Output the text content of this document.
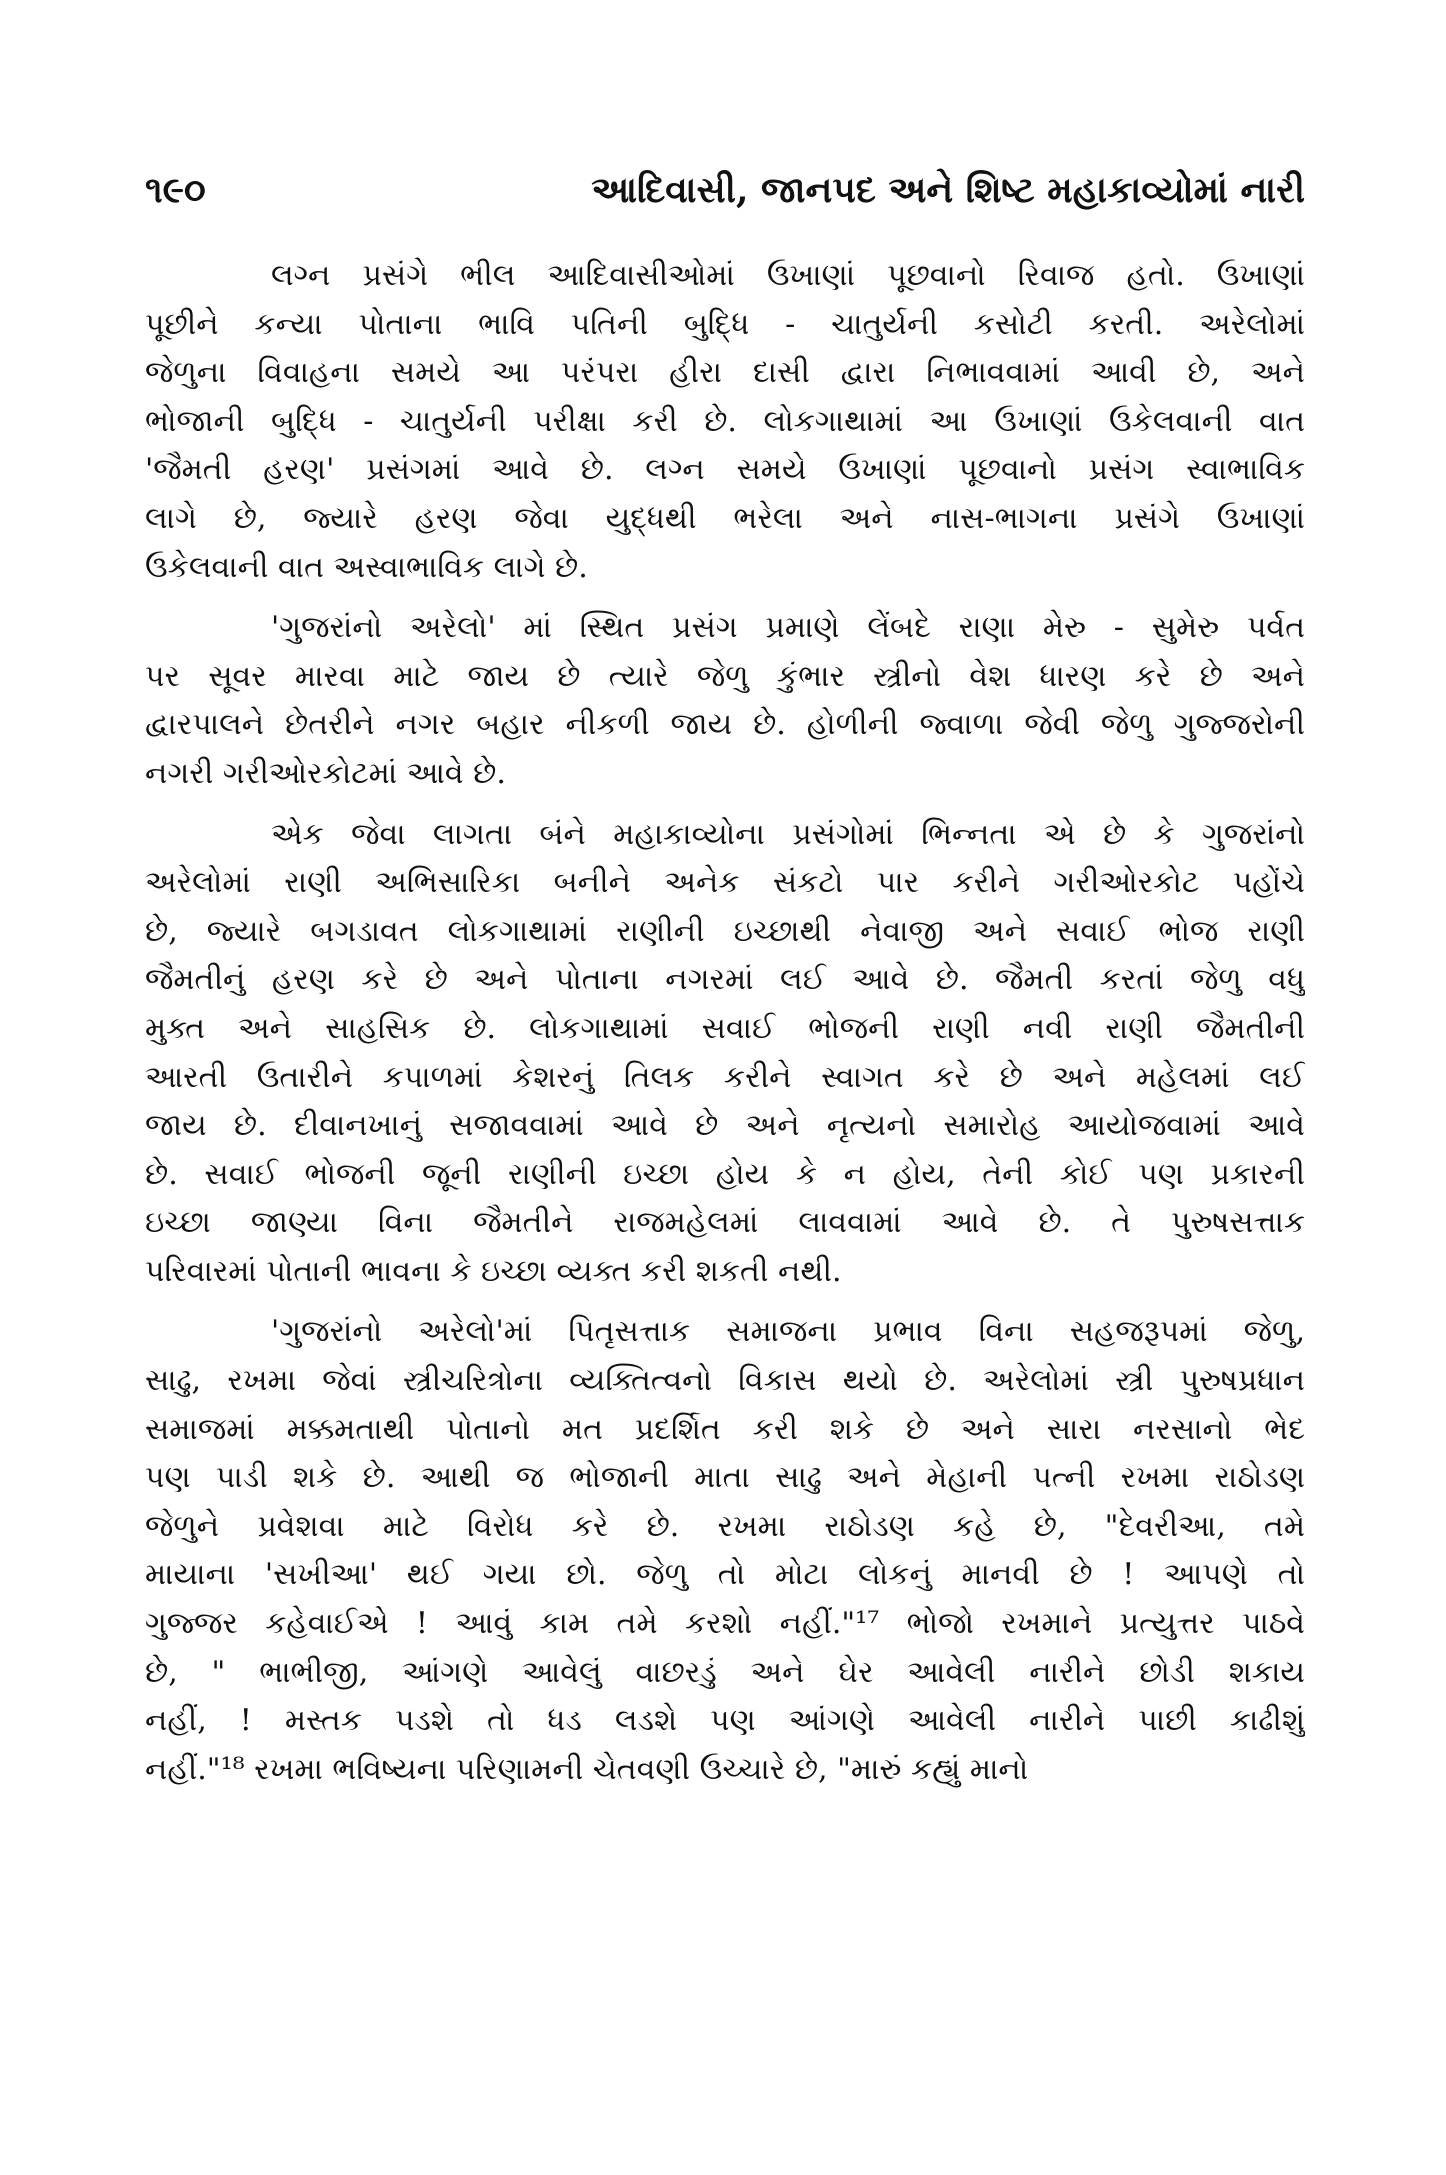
૧૯૦	આદિવાસી, જાનપદ અને શિષ્ટ મહાકાવ્યોમાં નારી
લગ્ન પ્રસંગે ભીલ આદિવાસીઓમાં ઉખાણાં પૂછવાનો રિવાજ હતો. ઉખાણાં
પૂછીને કન્યા પોતાના ભાવિ પતિની બુદ્ધિ - ચાતુર્યની કસોટી કરતી. અરેલોમાં
જેળુના વિવાહના સમયે આ પરંપરા હીરા દાસી દ્વારા નિભાવવામાં આવી છે, અને
ભોજાની બુદ્ધિ - ચાતુર્યની પરીક્ષા કરી છે. લોકગાથામાં આ ઉખાણાં ઉકેલવાની વાત
'જૈમતી હરણ' પ્રસંગમાં આવે છે. લગ્ન સમયે ઉખાણાં પૂછવાનો પ્રસંગ સ્વાભાવિક
લાગે છે, જ્યારે હરણ જેવા યુદ્ધથી ભરેલા અને નાસ-ભાગના પ્રસંગે ઉખાણાં
ઉકેલવાની વાત અસ્વાભાવિક લાગે છે.
'ગુજરાંનો અરેલો' માં સ્થિત પ્રસંગ પ્રમાણે લેંબદે રાણા મેરુ - સુમેરુ પર્વત
પર સૂવર મારવા માટે જાય છે ત્યારે જેળુ કુંભાર સ્ત્રીનો વેશ ધારણ કરે છે અને
દ્વારપાલને છેતરીને નગર બહાર નીકળી જાય છે. હોળીની જ્વાળા જેવી જેળુ ગુજ્જરોની
નગરી ગરીઓરકોટમાં આવે છે.
એક જેવા લાગતા બંને મહાકાવ્યોના પ્રસંગોમાં ભિન્નતા એ છે કે ગુજરાંનો
અરેલોમાં રાણી અભિસારિકા બનીને અનેક સંકટો પાર કરીને ગરીઓરકોટ પહોંચે
છે, જ્યારે બગડાવત લોકગાથામાં રાણીની ઇચ્છાથી નેવાજી અને સવાઈ ભોજ રાણી
જૈમતીનું હરણ કરે છે અને પોતાના નગરમાં લઈ આવે છે. જૈમતી કરતાં જેળુ વધુ
મુક્ત અને સાહસિક છે. લોકગાથામાં સવાઈ ભોજની રાણી નવી રાણી જૈમતીની
આરતી ઉતારીને કપાળમાં કેશરનું તિલક કરીને સ્વાગત કરે છે અને મહેલમાં લઈ
જાય છે. દીવાનખાનું સજાવવામાં આવે છે અને નૃત્યનો સમારોહ આયોજવામાં આવે
છે. સવાઈ ભોજની જૂની રાણીની ઇચ્છા હોય કે ન હોય, તેની કોઈ પણ પ્રકારની
ઇચ્છા જાણ્યા વિના જૈમતીને રાજમહેલમાં લાવવામાં આવે છે. તે પુરુષસત્તાક
પરિવારમાં પોતાની ભાવના કે ઇચ્છા વ્યક્ત કરી શકતી નથી.
'ગુજરાંનો અરેલો'માં પિતૃસત્તાક સમાજના પ્રભાવ વિના સહજરૂપમાં જેળુ,
સાઢુ, રખમા જેવાં સ્ત્રીચરિત્રોના વ્યક્તિત્વનો વિકાસ થયો છે. અરેલોમાં સ્ત્રી પુરુષપ્રધાન
સમાજમાં મક્કમતાથી પોતાનો મત પ્રદર્શિત કરી શકે છે અને સારા નરસાનો ભેદ
પણ પાડી શકે છે. આથી જ ભોજાની માતા સાઢુ અને મેહાની પત્ની રખમા રાઠોડણ
જેળુને પ્રવેશવા માટે વિરોધ કરે છે. રખમા રાઠોડણ કહે છે, "દેવરીઆ, તમે
માયાના 'સખીઆ' થઈ ગયા છો. જેળુ તો મોટા લોકનું માનવી છે ! આપણે તો
ગુજ્જર કહેવાઈએ ! આવું કામ તમે કરશો નહીં."¹⁷ ભોજો રખમાને પ્રત્યુત્તર પાઠવે
છે, " ભાભીજી, આંગણે આવેલું વાછરડું અને ઘેર આવેલી નારીને છોડી શકાય
નહીં, ! મસ્તક પડશે તો ધડ લડશે પણ આંગણે આવેલી નારીને પાછી કાઢીશું
નહીં."¹⁸ રખમા ભવિષ્યના પરિણામની ચેતવણી ઉચ્ચારે છે, "મારું કહ્યું માનો
